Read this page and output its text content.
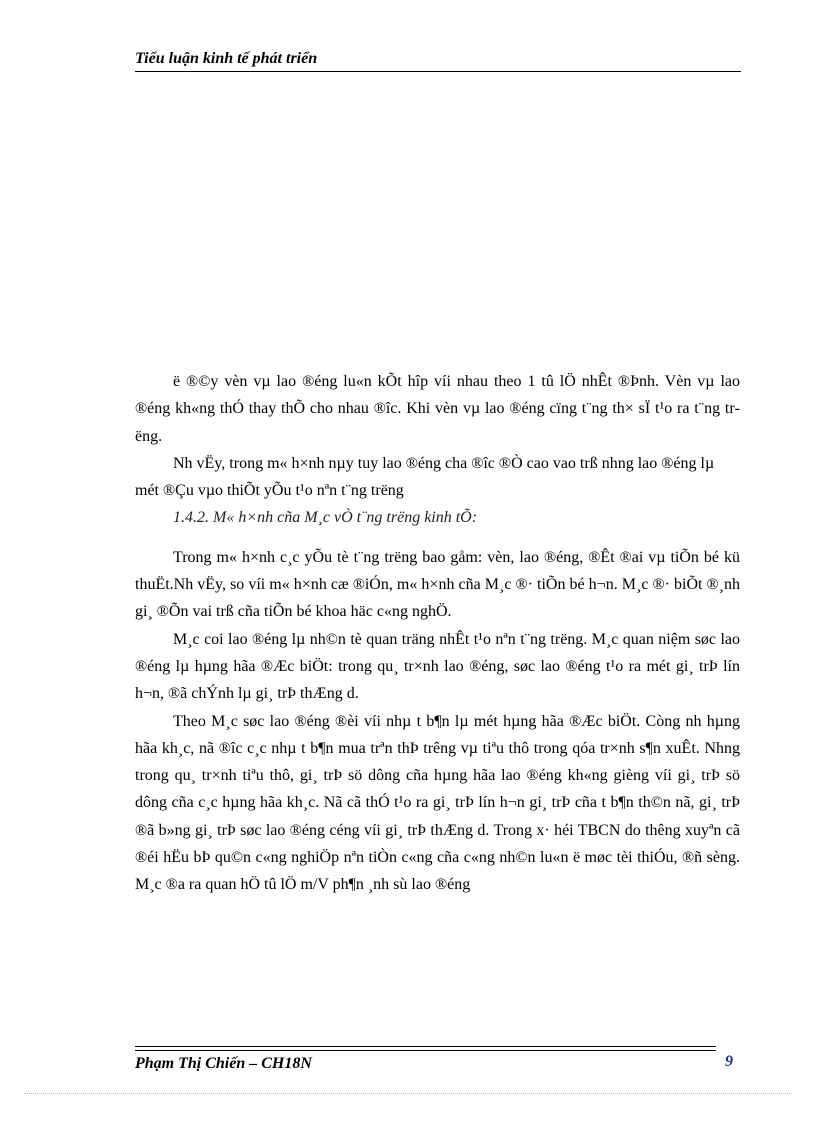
Tiểu luận kinh tế phát triển

ë ®©y vèn vµ lao ®éng lu«n kÕt hîp víi nhau theo 1 tû lÖ nhÊt ®Þnh. Vèn vµ lao ®éng kh«ng thÓ thay thÕ cho nhau ®îc. Khi vèn vµ lao ®éng cïng t¨ng th× sÏ t¹o ra t¨ng trëng.

Nh vËy, trong m« h×nh nµy tuy lao ®éng cha ®îc ®Ò cao vao trß nhng lao ®éng lµ mét ®Çu vµo thiÕt yÕu t¹o nªn t¨ng trëng

1.4.2. M« h×nh cña M¸c vÒ t¨ng trëng kinh tÕ:

Trong m« h×nh c¸c yÕu tè t¨ng trëng bao gåm: vèn, lao ®éng, ®Êt ®ai vµ tiÕn bé kü thuËt.Nh vËy, so víi m« h×nh cæ ®iÓn, m« h×nh cña M¸c ®· tiÕn bé h¬n. M¸c ®· biÕt ®¸nh gi¸ ®Õn vai trß cña tiÕn bé khoa häc c«ng nghÖ.

M¸c coi lao ®éng lµ nh©n tè quan träng nhÊt t¹o nªn t¨ng trëng. M¸c quan niệm søc lao ®éng lµ hµng hãa ®Æc biÖt: trong qu¸ tr×nh lao ®éng, søc lao ®éng t¹o ra mét gi¸ trÞ lín h¬n, ®ã chÝnh lµ gi¸ trÞ thÆng d.

Theo M¸c søc lao ®éng ®èi víi nhµ t b¶n lµ mét hµng hãa ®Æc biÖt. Còng nh hµng hãa kh¸c, nã ®îc c¸c nhµ t b¶n mua trªn thÞ trêng vµ tiªu thô trong qóa tr×nh s¶n xuÊt. Nhng trong qu¸ tr×nh tiªu thô, gi¸ trÞ sö dông cña hµng hãa lao ®éng kh«ng gièng víi gi¸ trÞ sö dông cña c¸c hµng hãa kh¸c. Nã cã thÓ t¹o ra gi¸ trÞ lín h¬n gi¸ trÞ cña t b¶n th©n nã, gi¸ trÞ ®ã b»ng gi¸ trÞ søc lao ®éng céng víi gi¸ trÞ thÆng d. Trong x· héi TBCN do thêng xuyªn cã ®éi hËu bÞ qu©n c«ng nghiÖp nªn tiÒn c«ng cña c«ng nh©n lu«n ë møc tèi thiÓu, ®ñ sèng. M¸c ®a ra quan hÖ tû lÖ m/V ph¶n ¸nh sù lao ®éng

Phạm Thị Chiến – CH18N	9
